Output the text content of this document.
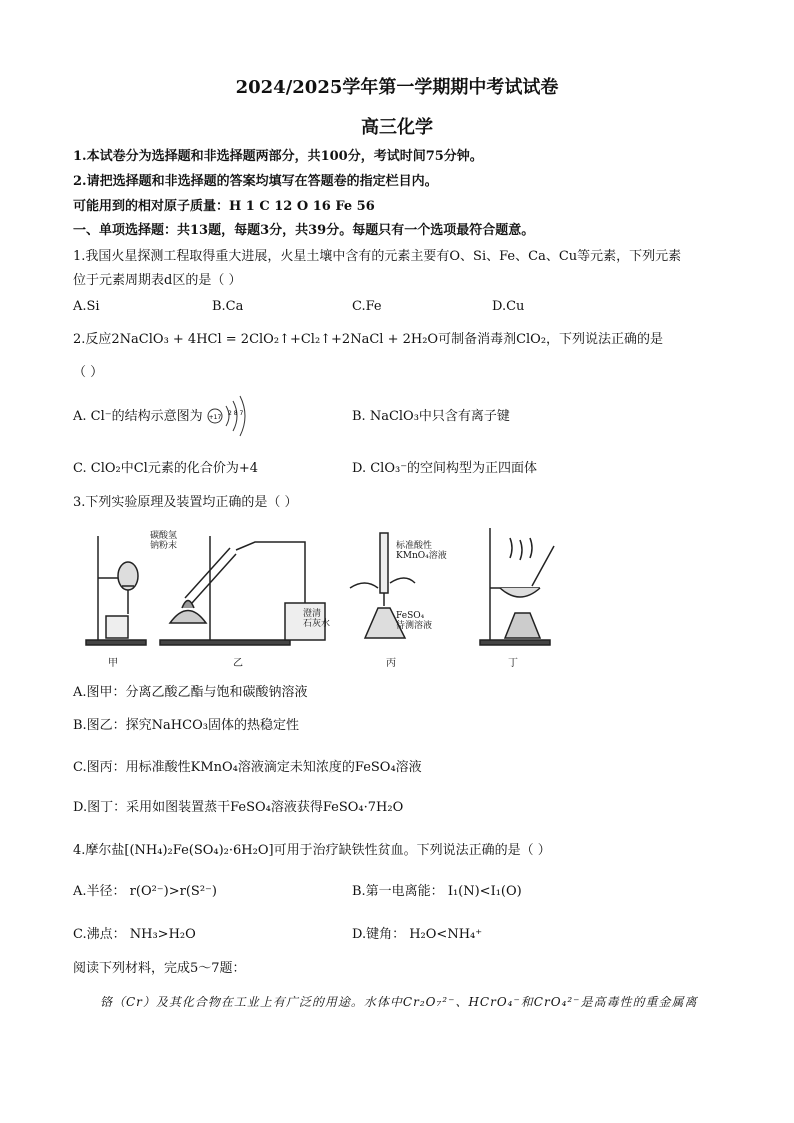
2024/2025学年第一学期期中考试试卷
高三化学
1.本试卷分为选择题和非选择题两部分，共100分，考试时间75分钟。
2.请把选择题和非选择题的答案均填写在答题卷的指定栏目内。
可能用到的相对原子质量：H 1 C 12 O 16 Fe 56
一、单项选择题：共13题，每题3分，共39分。每题只有一个选项最符合题意。
1.我国火星探测工程取得重大进展，火星土壤中含有的元素主要有O、Si、Fe、Ca、Cu等元素，下列元素
位于元素周期表d区的是（ ）
A.Si	B.Ca	C.Fe	D.Cu
2.反应2NaClO₃ + 4HCl = 2ClO₂↑+Cl₂↑+2NaCl + 2H₂O可制备消毒剂ClO₂，下列说法正确的是
（ ）
A. Cl⁻的结构示意图为 +17
2 8 7	B. NaClO₃中只含有离子键
C. ClO₂中Cl元素的化合价为+4	D. ClO₃⁻的空间构型为正四面体
3.下列实验原理及装置均正确的是（ ）
碳酸氢
钠粉末
澄清
石灰水
标准酸性
KMnO₄溶液
FeSO₄
待测溶液
甲	乙	丙	丁
A.图甲：分离乙酸乙酯与饱和碳酸钠溶液
B.图乙：探究NaHCO₃固体的热稳定性
C.图丙：用标准酸性KMnO₄溶液滴定未知浓度的FeSO₄溶液
D.图丁：采用如图装置蒸干FeSO₄溶液获得FeSO₄·7H₂O
4.摩尔盐[(NH₄)₂Fe(SO₄)₂·6H₂O]可用于治疗缺铁性贫血。下列说法正确的是（ ）
A.半径： r(O²⁻)>r(S²⁻)	B.第一电离能： I₁(N)<I₁(O)
C.沸点： NH₃>H₂O	D.键角： H₂O<NH₄⁺
阅读下列材料，完成5～7题：
铬（Cr）及其化合物在工业上有广泛的用途。水体中Cr₂O₇²⁻、HCrO₄⁻和CrO₄²⁻是高毒性的重金属离
